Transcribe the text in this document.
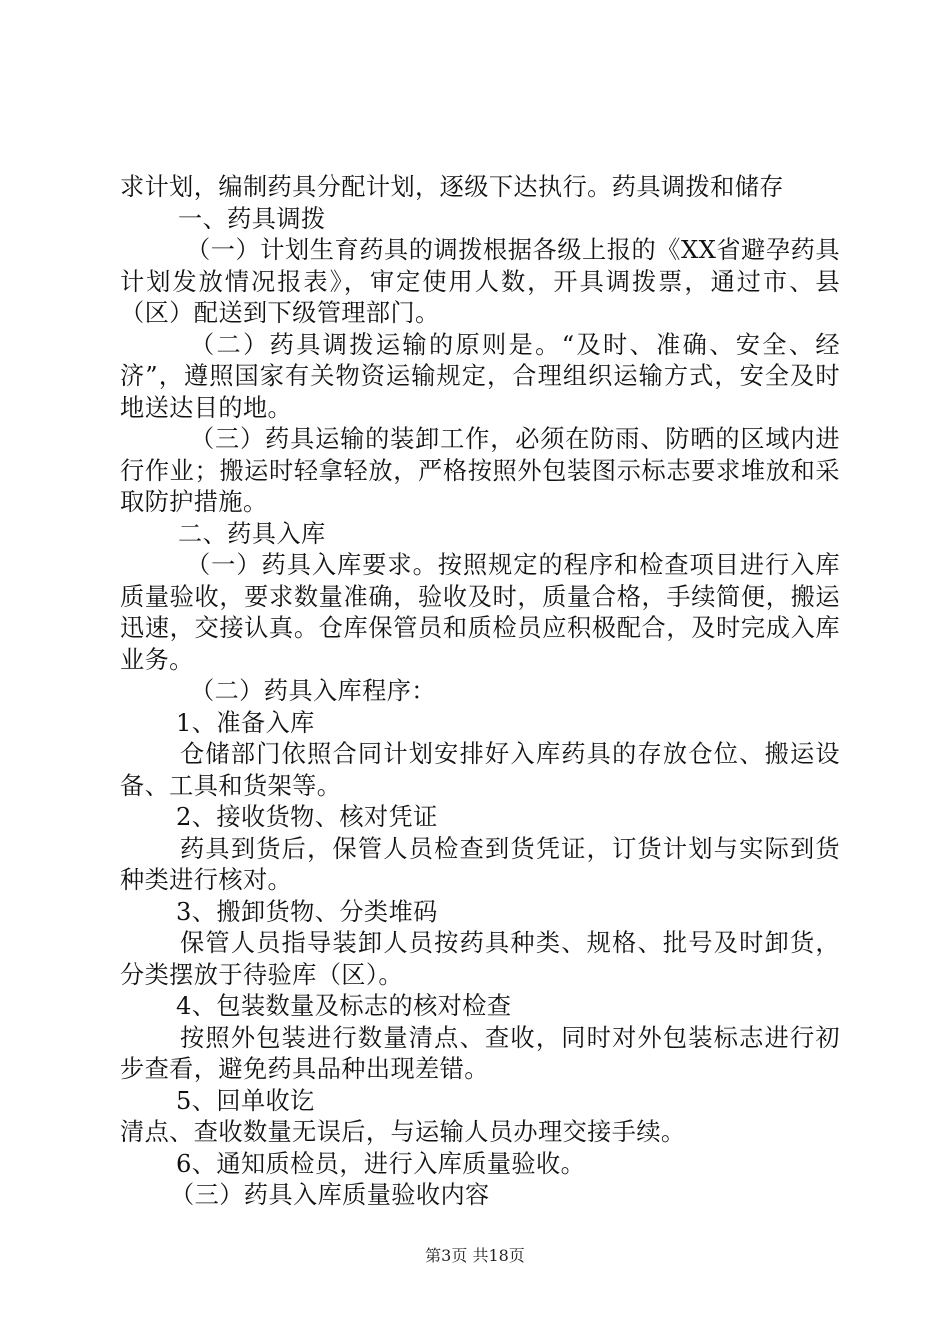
求计划，编制药具分配计划，逐级下达执行。药具调拨和储存

一、药具调拨

（一）计划生育药具的调拨根据各级上报的《XX省避孕药具计划发放情况报表》，审定使用人数，开具调拨票，通过市、县（区）配送到下级管理部门。

（二）药具调拨运输的原则是。“及时、准确、安全、经济”，遵照国家有关物资运输规定，合理组织运输方式，安全及时地送达目的地。

（三）药具运输的装卸工作，必须在防雨、防晒的区域内进行作业；搬运时轻拿轻放，严格按照外包装图示标志要求堆放和采取防护措施。

二、药具入库

（一）药具入库要求。按照规定的程序和检查项目进行入库质量验收，要求数量准确，验收及时，质量合格，手续简便，搬运迅速，交接认真。仓库保管员和质检员应积极配合，及时完成入库业务。

（二）药具入库程序：

1、准备入库

仓储部门依照合同计划安排好入库药具的存放仓位、搬运设备、工具和货架等。

2、接收货物、核对凭证

药具到货后，保管人员检查到货凭证，订货计划与实际到货种类进行核对。

3、搬卸货物、分类堆码

保管人员指导装卸人员按药具种类、规格、批号及时卸货，分类摆放于待验库（区）。

4、包装数量及标志的核对检查

按照外包装进行数量清点、查收，同时对外包装标志进行初步查看，避免药具品种出现差错。

5、回单收讫

清点、查收数量无误后，与运输人员办理交接手续。

6、通知质检员，进行入库质量验收。

（三）药具入库质量验收内容

第3页 共18页
